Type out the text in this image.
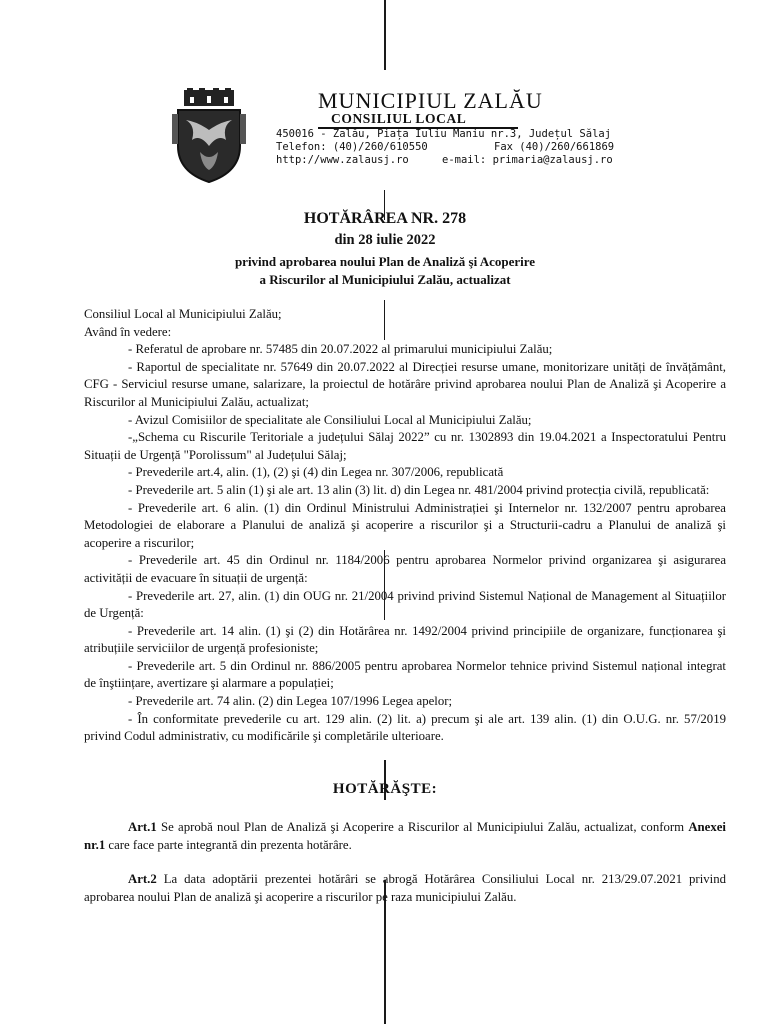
MUNICIPIUL ZALĂU
CONSILIUL LOCAL
450016 - Zalău, Piața Iuliu Maniu nr.3, Județul Sălaj
Telefon: (40)/260/610550	Fax (40)/260/661869
http://www.zalausj.ro	e-mail: primaria@zalausj.ro
HOTĂRÂREA NR. 278
din 28 iulie 2022
privind aprobarea noului Plan de Analiză şi Acoperire
a Riscurilor al Municipiului Zalău, actualizat

Consiliul Local al Municipiului Zalău;

Având în vedere:

- Referatul de aprobare nr. 57485 din 20.07.2022 al primarului municipiului Zalău;

- Raportul de specialitate nr. 57649 din 20.07.2022 al Direcției resurse umane, monitorizare unități de învățământ, CFG - Serviciul resurse umane, salarizare, la proiectul de hotărâre privind aprobarea noului Plan de Analiză şi Acoperire a Riscurilor al Municipiului Zalău, actualizat;

- Avizul Comisiilor de specialitate ale Consiliului Local al Municipiului Zalău;

-„Schema cu Riscurile Teritoriale a județului Sălaj 2022” cu nr. 1302893 din 19.04.2021 a Inspectoratului Pentru Situații de Urgență "Porolissum" al Județului Sălaj;

- Prevederile art.4, alin. (1), (2) şi (4) din Legea nr. 307/2006, republicată

- Prevederile art. 5 alin (1) şi ale art. 13 alin (3) lit. d) din Legea nr. 481/2004 privind protecția civilă, republicată:

- Prevederile art. 6 alin. (1) din Ordinul Ministrului Administrației şi Internelor nr. 132/2007 pentru aprobarea Metodologiei de elaborare a Planului de analiză şi acoperire a riscurilor şi a Structurii-cadru a Planului de analiză şi acoperire a riscurilor;

- Prevederile art. 45 din Ordinul nr. 1184/2006 pentru aprobarea Normelor privind organizarea şi asigurarea activității de evacuare în situații de urgență:

- Prevederile art. 27, alin. (1) din OUG nr. 21/2004 privind privind Sistemul Național de Management al Situațiilor de Urgență:

- Prevederile art. 14 alin. (1) şi (2) din Hotărârea nr. 1492/2004 privind principiile de organizare, funcționarea şi atribuțiile serviciilor de urgență profesioniste;

- Prevederile art. 5 din Ordinul nr. 886/2005 pentru aprobarea Normelor tehnice privind Sistemul național integrat de înştiințare, avertizare şi alarmare a populației;

- Prevederile art. 74 alin. (2) din Legea 107/1996 Legea apelor;

- În conformitate prevederile cu art. 129 alin. (2) lit. a) precum şi ale art. 139 alin. (1) din O.U.G. nr. 57/2019 privind Codul administrativ, cu modificările şi completările ulterioare.

HOTĂRĂŞTE:

Art.1 Se aprobă noul Plan de Analiză şi Acoperire a Riscurilor al Municipiului Zalău, actualizat, conform Anexei nr.1 care face parte integrantă din prezenta hotărâre.

Art.2 La data adoptării prezentei hotărâri se abrogă Hotărârea Consiliului Local nr. 213/29.07.2021 privind aprobarea noului Plan de analiză şi acoperire a riscurilor pe raza municipiului Zalău.
